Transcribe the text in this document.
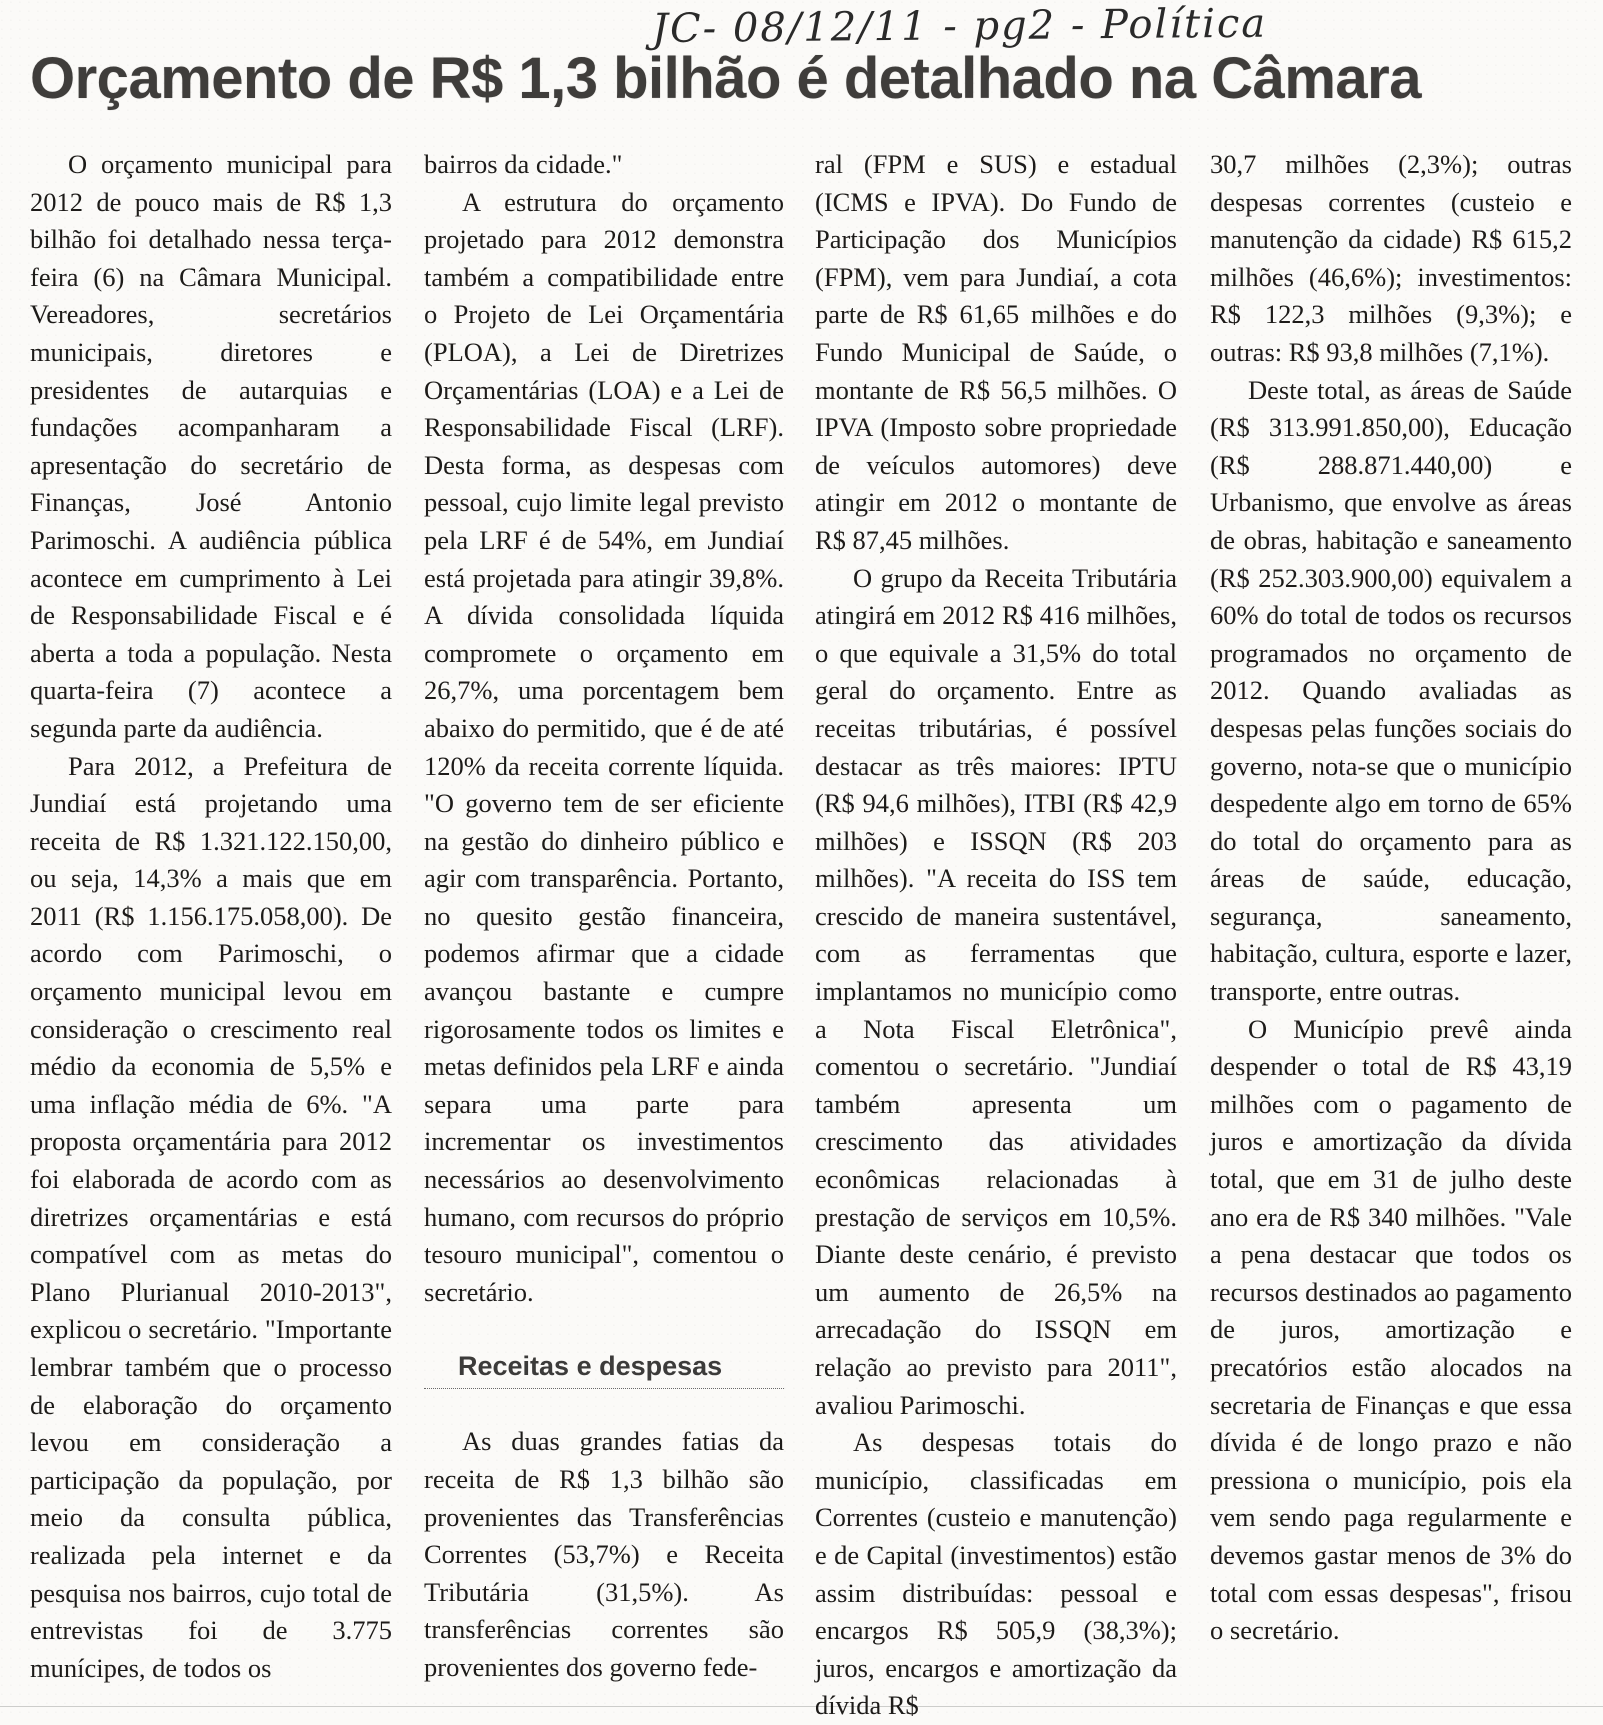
JC- 08/12/11 - pg2 - Política
Orçamento de R$ 1,3 bilhão é detalhado na Câmara

O orçamento municipal para 2012 de pouco mais de R$ 1,3 bilhão foi detalhado nessa terça-feira (6) na Câmara Municipal. Vereadores, secretários municipais, diretores e presidentes de autarquias e fundações acompanharam a apresentação do secretário de Finanças, José Antonio Parimoschi. A audiência pública acontece em cumprimento à Lei de Responsabilidade Fiscal e é aberta a toda a população. Nesta quarta-feira (7) acontece a segunda parte da audiência.

Para 2012, a Prefeitura de Jundiaí está projetando uma receita de R$ 1.321.122.150,00, ou seja, 14,3% a mais que em 2011 (R$ 1.156.175.058,00). De acordo com Parimoschi, o orçamento municipal levou em consideração o crescimento real médio da economia de 5,5% e uma inflação média de 6%. "A proposta orçamentária para 2012 foi elaborada de acordo com as diretrizes orçamentárias e está compatível com as metas do Plano Plurianual 2010-2013", explicou o secretário. "Importante lembrar também que o processo de elaboração do orçamento levou em consideração a participação da população, por meio da consulta pública, realizada pela internet e da pesquisa nos bairros, cujo total de entrevistas foi de 3.775 munícipes, de todos os

bairros da cidade."

A estrutura do orçamento projetado para 2012 demonstra também a compatibilidade entre o Projeto de Lei Orçamentária (PLOA), a Lei de Diretrizes Orçamentárias (LOA) e a Lei de Responsabilidade Fiscal (LRF). Desta forma, as despesas com pessoal, cujo limite legal previsto pela LRF é de 54%, em Jundiaí está projetada para atingir 39,8%. A dívida consolidada líquida compromete o orçamento em 26,7%, uma porcentagem bem abaixo do permitido, que é de até 120% da receita corrente líquida. "O governo tem de ser eficiente na gestão do dinheiro público e agir com transparência. Portanto, no quesito gestão financeira, podemos afirmar que a cidade avançou bastante e cumpre rigorosamente todos os limites e metas definidos pela LRF e ainda separa uma parte para incrementar os investimentos necessários ao desenvolvimento humano, com recursos do próprio tesouro municipal", comentou o secretário.

Receitas e despesas

As duas grandes fatias da receita de R$ 1,3 bilhão são provenientes das Transferências Correntes (53,7%) e Receita Tributária (31,5%). As transferências correntes são provenientes dos governo fede-

ral (FPM e SUS) e estadual (ICMS e IPVA). Do Fundo de Participação dos Municípios (FPM), vem para Jundiaí, a cota parte de R$ 61,65 milhões e do Fundo Municipal de Saúde, o montante de R$ 56,5 milhões. O IPVA (Imposto sobre propriedade de veículos automores) deve atingir em 2012 o montante de R$ 87,45 milhões.

O grupo da Receita Tributária atingirá em 2012 R$ 416 milhões, o que equivale a 31,5% do total geral do orçamento. Entre as receitas tributárias, é possível destacar as três maiores: IPTU (R$ 94,6 milhões), ITBI (R$ 42,9 milhões) e ISSQN (R$ 203 milhões). "A receita do ISS tem crescido de maneira sustentável, com as ferramentas que implantamos no município como a Nota Fiscal Eletrônica", comentou o secretário. "Jundiaí também apresenta um crescimento das atividades econômicas relacionadas à prestação de serviços em 10,5%. Diante deste cenário, é previsto um aumento de 26,5% na arrecadação do ISSQN em relação ao previsto para 2011", avaliou Parimoschi.

As despesas totais do município, classificadas em Correntes (custeio e manutenção) e de Capital (investimentos) estão assim distribuídas: pessoal e encargos R$ 505,9 (38,3%); juros, encargos e amortização da dívida R$

30,7 milhões (2,3%); outras despesas correntes (custeio e manutenção da cidade) R$ 615,2 milhões (46,6%); investimentos: R$ 122,3 milhões (9,3%); e outras: R$ 93,8 milhões (7,1%).

Deste total, as áreas de Saúde (R$ 313.991.850,00), Educação (R$ 288.871.440,00) e Urbanismo, que envolve as áreas de obras, habitação e saneamento (R$ 252.303.900,00) equivalem a 60% do total de todos os recursos programados no orçamento de 2012. Quando avaliadas as despesas pelas funções sociais do governo, nota-se que o município despedente algo em torno de 65% do total do orçamento para as áreas de saúde, educação, segurança, saneamento, habitação, cultura, esporte e lazer, transporte, entre outras.

O Município prevê ainda despender o total de R$ 43,19 milhões com o pagamento de juros e amortização da dívida total, que em 31 de julho deste ano era de R$ 340 milhões. "Vale a pena destacar que todos os recursos destinados ao pagamento de juros, amortização e precatórios estão alocados na secretaria de Finanças e que essa dívida é de longo prazo e não pressiona o município, pois ela vem sendo paga regularmente e devemos gastar menos de 3% do total com essas despesas", frisou o secretário.
